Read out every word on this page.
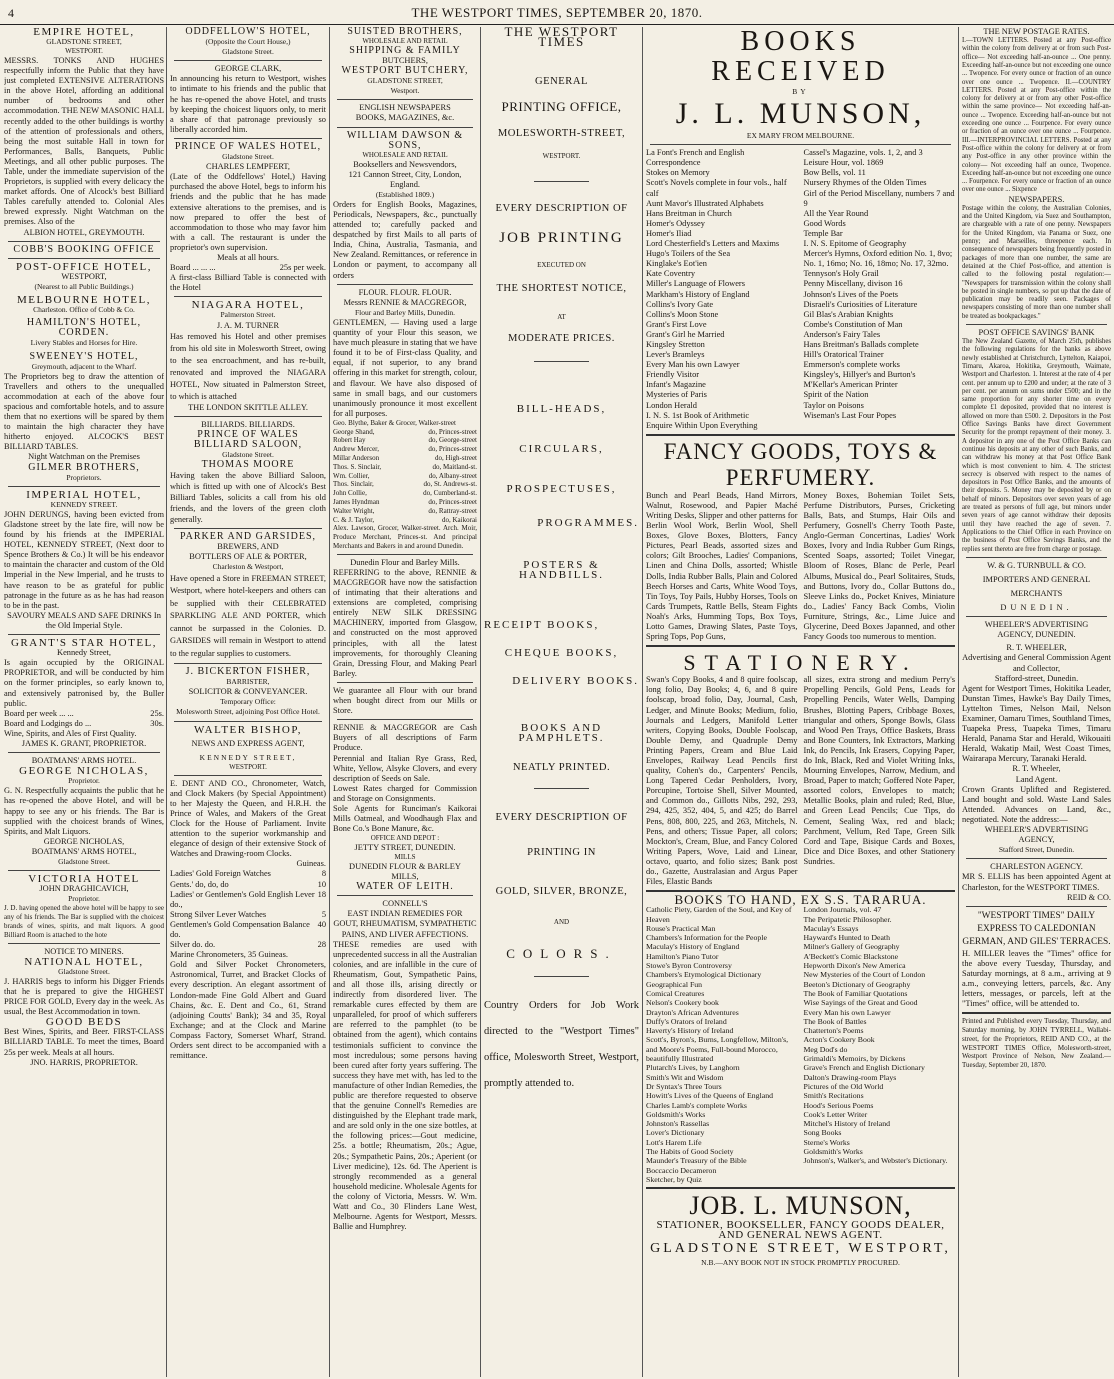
4	THE WESTPORT TIMES, SEPTEMBER 20, 1870.
EMPIRE HOTEL,
GLADSTONE STREET,
WESTPORT.
MESSRS. TONKS AND HUGHES respectfully inform the Public that they have just completed EXTENSIVE ALTERATIONS in the above Hotel, affording an additional number of bedrooms and other accommodation. THE NEW MASONIC HALL recently added to the other buildings is worthy of the attention of professionals and others, being the most suitable Hall in town for Performances, Balls, Banquets, Public Meetings, and all other public purposes. The Table, under the immediate supervision of the Proprietors, is supplied with every delicacy the market affords. One of Alcock's best Billiard Tables carefully attended to. Colonial Ales brewed expressly. Night Watchman on the premises. Also of the
ALBION HOTEL, GREYMOUTH.
COBB'S BOOKING OFFICE
POST-OFFICE HOTEL,
WESTPORT,
(Nearest to all Public Buildings.)
MELBOURNE HOTEL,
Charleston. Office of Cobb & Co.
HAMILTON'S HOTEL, CORDEN.
Livery Stables and Horses for Hire.
SWEENEY'S HOTEL,
Greymouth, adjacent to the Wharf.
The Proprietors beg to draw the attention of Travellers and others to the unequalled accommodation at each of the above four spacious and comfortable hotels, and to assure them that no exertions will be spared by them to maintain the high character they have hitherto enjoyed. ALCOCK'S BEST BILLIARD TABLES.
Night Watchman on the Premises
GILMER BROTHERS,
Proprietors.
IMPERIAL HOTEL,
KENNEDY STREET.
JOHN DERUNGS, having been evicted from Gladstone street by the late fire, will now be found by his friends at the IMPERIAL HOTEL, KENNEDY STREET, (Next door to Spence Brothers & Co.) It will be his endeavor to maintain the character and custom of the Old Imperial in the New Imperial, and he trusts to have reason to be as grateful for public patronage in the future as as he has had reason to be in the past.
SAVOURY MEALS AND SAFE DRINKS In the Old Imperial Style.
GRANT'S STAR HOTEL,
Kennedy Street,
Is again occupied by the ORIGINAL PROPRIETOR, and will be conducted by him on the former principles, so early known to, and extensively patronised by, the Buller public.
Board per week ... ...	25s.
Board and Lodgings do ...	30s.
Wine, Spirits, and Ales of First Quality.
JAMES K. GRANT, PROPRIETOR.
BOATMANS' ARMS HOTEL.
GEORGE NICHOLAS,
Proprietor.
G. N. Respectfully acquaints the public that he has re-opened the above Hotel, and will be happy to see any or his friends. The Bar is supplied with the choicest brands of Wines, Spirits, and Malt Liquors.
GEORGE NICHOLAS,
BOATMANS' ARMS HOTEL,
Gladstone Street.
VICTORIA HOTEL
JOHN DRAGHICAVICH,
Proprietor.
J. D. having opened the above hotel will be happy to see any of his friends. The Bar is supplied with the choicest brands of wines, spirits, and malt liquors. A good Billiard Room is attached to the hote
NOTICE TO MINERS.
NATIONAL HOTEL,
Gladstone Street.
J. HARRIS begs to inform his Digger Friends that he is prepared to give the HIGHEST PRICE FOR GOLD, Every day in the week. As usual, the Best Accommodation in town.
GOOD BEDS
Best Wines, Spirits, and Beer. FIRST-CLASS BILLIARD TABLE. To meet the times, Board 25s per week. Meals at all hours.
JNO. HARRIS, PROPRIETOR.
ODDFELLOW'S HOTEL,
(Opposite the Court House,)
Gladstone Street.
GEORGE CLARK,
In announcing his return to Westport, wishes to intimate to his friends and the public that he has re-opened the above Hotel, and trusts by keeping the choicest liquors only, to merit a share of that patronage previously so liberally accorded him.
PRINCE OF WALES HOTEL,
Gladstone Street.
CHARLES LEMPFERT,
(Late of the Oddfellows' Hotel,) Having purchased the above Hotel, begs to inform his friends and the public that he has made extensive alterations to the premises, and is now prepared to offer the best of accommodation to those who may favor him with a call. The restaurant is under the proprietor's own supervision.
Meals at all hours.
Board ... ... ...	25s per week.
A first-class Billiard Table is connected with the Hotel
NIAGARA HOTEL,
Palmerston Street.
J. A. M. TURNER
Has removed his Hotel and other premises from his old site in Molesworth Street, owing to the sea encroachment, and has re-built, renovated and improved the NIAGARA HOTEL, Now situated in Palmerston Street, to which is attached
THE LONDON SKITTLE ALLEY.
BILLIARDS. BILLIARDS.
PRINCE OF WALES BILLIARD SALOON,
Gladstone Street.
THOMAS MOORE
Having taken the above Billiard Saloon, which is fitted up with one of Alcock's Best Billiard Tables, solicits a call from his old friends, and the lovers of the green cloth generally.
PARKER AND GARSIDES,
BREWERS, AND
BOTTLERS OF ALE & PORTER,
Charleston & Westport,
Have opened a Store in FREEMAN STREET, Westport, where hotel-keepers and others can be supplied with their CELEBRATED SPARKLING ALE AND PORTER, which cannot be surpassed in the Colonies. D. GARSIDES will remain in Westport to attend to the regular supplies to customers.
J. BICKERTON FISHER,
BARRISTER,
SOLICITOR & CONVEYANCER.
Temporary Office:
Molesworth Street, adjoining Post Office Hotel.
WALTER BISHOP,
NEWS AND EXPRESS AGENT,
KENNEDY STREET,
WESTPORT.
E. DENT AND CO., Chronometer, Watch, and Clock Makers (by Special Appointment) to her Majesty the Queen, and H.R.H. the Prince of Wales, and Makers of the Great Clock for the House of Parliament. Invite attention to the superior workmanship and elegance of design of their extensive Stock of Watches and Drawing-room Clocks.
Guineas.
Ladies' Gold Foreign Watches	8
Gents.' do, do, do	10
Ladies' or Gentlemen's Gold English Lever do.,
18
Strong Silver Lever Watches	5
Gentlemen's Gold Compensation Balance do.
40
Silver do. do.	28
Marine Chronometers, 35 Guineas.
Gold and Silver Pocket Chronometers, Astronomical, Turret, and Bracket Clocks of every description. An elegant assortment of London-made Fine Gold Albert and Guard Chains, &c. E. Dent and Co., 61, Strand (adjoining Coutts' Bank); 34 and 35, Royal Exchange; and at the Clock and Marine Compass Factory, Somerset Wharf, Strand. Orders sent direct to be accompanied with a remittance.
SUISTED BROTHERS,
WHOLESALE AND RETAIL
SHIPPING & FAMILY
BUTCHERS,
WESTPORT BUTCHERY,
GLADSTONE STREET,
Westport.
ENGLISH NEWSPAPERS
BOOKS, MAGAZINES, &c.
WILLIAM DAWSON & SONS,
WHOLESALE AND RETAIL
Booksellers and Newsvendors,
121 Cannon Street, City, London, England.
(Established 1809.)
Orders for English Books, Magazines, Periodicals, Newspapers, &c., punctually attended to; carefully packed and despatched by first Mails to all parts of India, China, Australia, Tasmania, and New Zealand. Remittances, or reference in London or payment, to accompany all orders
FLOUR. FLOUR. FLOUR.
Messrs RENNIE & MACGREGOR,
Flour and Barley Mills, Dunedin.
GENTLEMEN, — Having used a large quantity of your Flour this season, we have much pleasure in stating that we have found it to be of First-class Quality, and equal, if not superior, to any brand offering in this market for strength, colour, and flavour. We have also disposed of same in small bags, and our customers unanimously pronounce it most excellent for all purposes.
Geo. Blythe, Baker & Grocer, Walker-street
George Shand,	do, Princes-street
Robert Hay	do, George-street
Andrew Mercer,	do, Princes-street
Millar Anderson	do, High-street
Thos. S. Sinclair,	do, Maitland-st.
Wm. Collier,	do, Albany-street
Thos. Sinclair,	do, St. Andrews-st.
John Collie,	do, Cumberland-st.
James Hyndman	do, Princes-street
Walter Wright,	do, Rattray-street
C. & J. Taylor,	do, Kaikorai
Alex. Lawson, Grocer, Walker-street. Arch. Moir, Produce Merchant, Princes-st. And principal Merchants and Bakers in and around Dunedin.
Dunedin Flour and Barley Mills.
REFERRING to the above, RENNIE & MACGREGOR have now the satisfaction of intimating that their alterations and extensions are completed, comprising entirely NEW SILK DRESSING MACHINERY, imported from Glasgow, and constructed on the most approved principles, with all the latest improvements, for thoroughly Cleaning Grain, Dressing Flour, and Making Pearl Barley.
We guarantee all Flour with our brand when bought direct from our Mills or Store.
RENNIE & MACGREGOR are Cash Buyers of all descriptions of Farm Produce.
Perennial and Italian Rye Grass, Red, White, Yellow, Alsyke Clovers, and every description of Seeds on Sale.
Lowest Rates charged for Commission and Storage on Consignments.
Sole Agents for Runciman's Kaikorai Mills Oatmeal, and Woodhaugh Flax and Bone Co.'s Bone Manure, &c.
OFFICE AND DEPOT :
JETTY STREET, DUNEDIN.
MILLS
DUNEDIN FLOUR & BARLEY
MILLS,
WATER OF LEITH.
CONNELL'S
EAST INDIAN REMEDIES FOR
GOUT, RHEUMATISM, SYMPATHETIC PAINS, AND LIVER AFFECTIONS.
THESE remedies are used with unprecedented success in all the Australian colonies, and are infallible in the cure of Rheumatism, Gout, Sympathetic Pains, and all those ills, arising directly or indirectly from disordered liver. The remarkable cures effected by them are unparalleled, for proof of which sufferers are referred to the pamphlet (to be obtained from the agent), which contains testimonials sufficient to convince the most incredulous; some persons having been cured after forty years suffering. The success they have met with, has led to the manufacture of other Indian Remedies, the public are therefore requested to observe that the genuine Connell's Remedies are distinguished by the Elephant trade mark, and are sold only in the one size bottles, at the following prices:—Gout medicine, 25s. a bottle; Rheumatism, 20s.; Ague, 20s.; Sympathetic Pains, 20s.; Aperient (or Liver medicine), 12s. 6d. The Aperient is strongly recommended as a general household medicine. Wholesale Agents for the colony of Victoria, Messrs. W. Wm. Watt and Co., 30 Flinders Lane West, Melbourne. Agents for Westport, Messrs. Ballie and Humphrey.
THE WESTPORT TIMES
GENERAL
PRINTING OFFICE,
MOLESWORTH-STREET,
WESTPORT.
EVERY DESCRIPTION OF
JOB PRINTING
EXECUTED ON
THE SHORTEST NOTICE,
AT
MODERATE PRICES.
BILL-HEADS,
CIRCULARS,
PROSPECTUSES,
PROGRAMMES.
POSTERS & HANDBILLS.
RECEIPT BOOKS,
CHEQUE BOOKS,
DELIVERY BOOKS.
BOOKS AND PAMPHLETS.
NEATLY PRINTED.
EVERY DESCRIPTION OF
PRINTING IN
GOLD, SILVER, BRONZE,
AND
COLORS.
Country Orders for Job Work directed to the "Westport Times" office, Molesworth Street, Westport, promptly attended to.
BOOKS RECEIVED
BY
J. L. MUNSON,
EX MARY FROM MELBOURNE.
La Font's French and English Correspondence
Stokes on Memory
Scott's Novels complete in four vols., half calf
Aunt Mavor's Illustrated Alphabets
Hans Breitman in Church
Homer's Odyssey
Homer's Iliad
Lord Chesterfield's Letters and Maxims
Hugo's Toilers of the Sea
Kinglake's Eot'ien
Kate Coventry
Miller's Language of Flowers
Markham's History of England
Collins's Ivory Gate
Collins's Moon Stone
Grant's First Love
Grant's Girl he Married
Kingsley Stretton
Lever's Bramleys
Every Man his own Lawyer
Friendly Visitor
Infant's Magazine
Mysteries of Paris
London Herald
I. N. S. 1st Book of Arithmetic
Enquire Within Upon Everything
Cassel's Magazine, vols. 1, 2, and 3
Leisure Hour, vol. 1869
Bow Bells, vol. 11
Nursery Rhymes of the Olden Times
Girl of the Period Miscellany, numbers 7 and 9
All the Year Round
Good Words
Temple Bar
I. N. S. Epitome of Geography
Mercer's Hymns, Oxford edition No. 1, 8vo; No. 1, 16mo; No. 16, 18mo; No. 17, 32mo.
Tennyson's Holy Grail
Penny Miscellany, divison 16
Johnson's Lives of the Poets
Disraeli's Curiosities of Literature
Gil Blas's Arabian Knights
Combe's Constitution of Man
Anderson's Fairy Tales
Hans Breitman's Ballads complete
Hill's Oratorical Trainer
Emmerson's complete works
Kingsley's, Hillyer's and Burton's
M'Kellar's American Printer
Spirit of the Nation
Taylor on Poisons
Wiseman's Last Four Popes
FANCY GOODS, TOYS & PERFUMERY.
Bunch and Pearl Beads, Hand Mirrors, Walnut, Rosewood, and Papier Maché Writing Desks, Slipper and other patterns for Berlin Wool Work, Berlin Wool, Shell Boxes, Glove Boxes, Blotters, Fancy Pictures, Pearl Beads, assorted sizes and colors; Gilt Brooches, Ladies' Companions, Linen and China Dolls, assorted; Whistle Dolls, India Rubber Balls, Plain and Colored Beech Horses and Carts, White Wood Toys, Tin Toys, Toy Pails, Hubby Horses, Tools on Cards Trumpets, Rattle Bells, Steam Fights Noah's Arks, Humming Tops, Box Toys, Lotto Games, Drawing Slates, Paste Toys, Spring Tops, Pop Guns,
Money Boxes, Bohemian Toilet Sets, Perfume Distributors, Purses, Cricketing Balls, Bats, and Stumps, Hair Oils and Perfumery, Gosnell's Cherry Tooth Paste, Anglo-German Concertinas, Ladies' Work Boxes, Ivory and India Rubber Gum Rings, Scented Soaps, assorted; Toilet Vinegar, Bloom of Roses, Blanc de Perle, Pearl Albums, Musical do., Pearl Solitaires, Studs, and Buttons, Ivory do., Collar Buttons do., Sleeve Links do., Pocket Knives, Miniature do., Ladies' Fancy Back Combs, Violin Furniture, Strings, &c., Lime Juice and Glycerine, Deed Boxes Japanned, and other Fancy Goods too numerous to mention.
STATIONERY.
Swan's Copy Books, 4 and 8 quire foolscap, long folio, Day Books; 4, 6, and 8 quire foolscap, broad folio, Day, Journal, Cash, Ledger, and Minute Books; Medium, folio, Journals and Ledgers, Manifold Letter writers, Copying Books, Double Foolscap, Double Demy, and Quadruple Demy Printing Papers, Cream and Blue Laid Envelopes, Railway Lead Pencils first quality, Cohen's do., Carpenters' Pencils, Long Tapered Cedar Penholders, Ivory, Porcupine, Tortoise Shell, Silver Mounted, and Common do., Gillotts Nibs, 292, 293, 294, 425, 352, 404, 5, and 425; do Barrel Pens, 808, 800, 225, and 263, Mitchels, N. Pens, and others; Tissue Paper, all colors; Mockton's, Cream, Blue, and Fancy Colored Writing Papers, Wove, Laid and Linear, octavo, quarto, and folio sizes; Bank post do., Gazette, Australasian and Argus Paper Files, Elastic Bands
all sizes, extra strong and medium Perry's Propelling Pencils, Gold Pens, Leads for Propelling Pencils, Water Wells, Damping Brushes, Blotting Papers, Cribbage Boxes, triangular and others, Sponge Bowls, Glass and Wood Pen Trays, Office Baskets, Brass and Bone Counters, Ink Extractors, Marking Ink, do Pencils, Ink Erasers, Copying Paper, do Ink, Black, Red and Violet Writing Inks, Mourning Envelopes, Narrow, Medium, and Broad, Paper to match; Goffered Note Paper, assorted colors, Envelopes to match; Metallic Books, plain and ruled; Red, Blue, and Green Lead Pencils; Cue Tips, do Cement, Sealing Wax, red and black; Parchment, Vellum, Red Tape, Green Silk Cord and Tape, Bisique Cards and Boxes, Dice and Dice Boxes, and other Stationery Sundries.
BOOKS TO HAND, EX S.S. TARARUA.
Catholic Piety, Garden of the Soul, and Key of Heaven
Rouse's Practical Man
Chambers's Information for the People
Maculay's History of England
Hamilton's Piano Tutor
Stowe's Byron Controversy
Chambers's Etymological Dictionary
Geographical Fun
Comical Creatures
Nelson's Cookery book
Drayton's African Adventures
Duffy's Orators of Ireland
Haverty's History of Ireland
Scott's, Byron's, Burns, Longfellow, Milton's, and Moore's Poems, Full-bound Morocco, beautifully Illustrated
Plutarch's Lives, by Langhorn
Smith's Wit and Wisdom
Dr Syntax's Three Tours
Howitt's Lives of the Queens of England
Charles Lamb's complete Works
Goldsmith's Works
Johnston's Rassellas
Lover's Dictionary
Lott's Harem Life
The Habits of Good Society
Maunder's Treasury of the Bible
Boccaccio Decameron
Sketcher, by Quiz
London Journals, vol. 47
The Peripatetic Philosopher.
Maculay's Essays
Hayward's Hunted to Death
Milner's Gallery of Geography
A'Beckett's Comic Blackstone
Hepworth Dixon's New America
New Mysteries of the Court of London
Beeton's Dictionary of Geography
The Book of Familiar Quotations
Wise Sayings of the Great and Good
Every Man his own Lawyer
The Book of Battles
Chatterton's Poems
Acton's Cookery Book
Meg Dod's do
Grimaldi's Memoirs, by Dickens
Grave's French and English Dictionary
Dalton's Drawing-room Plays
Pictures of the Old World
Smith's Recitations
Hood's Serious Poems
Cook's Letter Writer
Mitchel's History of Ireland
Song Books
Sterne's Works
Goldsmith's Works
Johnson's, Walker's, and Webster's Dictionary.
JOB. L. MUNSON,
STATIONER, BOOKSELLER, FANCY GOODS DEALER,
AND GENERAL NEWS AGENT.
GLADSTONE STREET, WESTPORT,
N.B.—ANY BOOK NOT IN STOCK PROMPTLY PROCURED.
THE NEW POSTAGE RATES.
I.—TOWN LETTERS. Posted at any Post-office within the colony from delivery at or from such Post-office— Not exceeding half-an-ounce ... One penny. Exceeding half-an-ounce but not exceeding one ounce ... Twopence. For every ounce or fraction of an ounce over one ounce ... Twopence. II.—COUNTRY LETTERS. Posted at any Post-office within the colony for delivery at or from any other Post-office within the same province— Not exceeding half-an-ounce ... Twopence. Exceeding half-an-ounce but not exceeding one ounce ... Fourpence. For every ounce or fraction of an ounce over one ounce ... Fourpence. III.—INTERPROVINCIAL LETTERS. Posted at any Post-office within the colony for delivery at or from any Post-office in any other province within the colony— Not exceeding half an ounce, Twopence. Exceeding half-an-ounce but not exceeding one ounce ... Fourpence. For every ounce or fraction of an ounce over one ounce ... Sixpence
NEWSPAPERS.
Postage within the colony, the Australian Colonies, and the United Kingdom, via Suez and Southampton, are chargeable with a rate of one penny. Newspapers for the United Kingdom, via Panama or Suez, one penny; and Marseilles, threepence each. In consequence of newspapers being frequently posted in packages of more than one number, the same are detained at the Chief Post-office, and attention is called to the following postal regulation:— "Newspapers for transmission within the colony shall be posted in single numbers, so put up that the date of publication may be readily seen. Packages of newspapers consisting of more than one number shall be treated as bookpackages."
POST OFFICE SAVINGS' BANK
The New Zealand Gazette, of March 25th, publishes the following regulations for the banks as above newly established at Christchurch, Lyttelton, Kaiapoi, Timaru, Akaroa, Hokitika, Greymouth, Waimate, Westport and Charleston. 1. Interest at the rate of 4 per cent. per annum up to £200 and under; at the rate of 3 per cent. per annum on sums under £500; and in the same proportion for any shorter time on every complete £1 deposited, provided that no interest is allowed on more than £500. 2. Depositors in the Post Office Savings Banks have direct Government Security for the prompt repayment of their money. 3. A depositor in any one of the Post Office Banks can continue his deposits at any other of such Banks, and can withdraw his money at that Post Office Bank which is most convenient to him. 4. The strictest secrecy is observed with respect to the names of depositors in Post Office Banks, and the amounts of their deposits. 5. Money may be deposited by or on behalf of minors. Depositors over seven years of age are treated as persons of full age, but minors under seven years of age cannot withdraw their deposits until they have reached the age of seven. 7. Applications to the Chief Office in each Province on the business of Post Office Savings Banks, and the replies sent thereto are free from charge or postage.
W. & G. TURNBULL & CO.
IMPORTERS AND GENERAL
MERCHANTS
DUNEDIN.
WHEELER'S ADVERTISING
AGENCY, DUNEDIN.
R. T. WHEELER,
Advertising and General Commission Agent and Collector,
Stafford-street, Dunedin.
Agent for Westport Times, Hokitika Leader, Dunstan Times, Hawke's Bay Daily Times, Lyttelton Times, Nelson Mail, Nelson Examiner, Oamaru Times, Southland Times, Tuapeka Press, Tuapeka Times, Timaru Herald, Panama Star and Herald, Wikouaiti Herald, Wakatip Mail, West Coast Times, Wairarapa Mercury, Taranaki Herald.
R. T. Wheeler,
Land Agent.
Crown Grants Uplifted and Registered. Land bought and sold. Waste Land Sales Attended. Advances on Land, &c., negotiated. Note the address:—
WHEELER'S ADVERTISING
AGENCY,
Stafford Street, Dunedin.
CHARLESTON AGENCY.
MR S. ELLIS has been appointed Agent at Charleston, for the WESTPORT TIMES.
REID & CO.
"WESTPORT TIMES" DAILY EXPRESS TO CALEDONIAN GERMAN, AND GILES' TERRACES.
H. MILLER leaves the "Times" office for the above every Tuesday, Thursday, and Saturday mornings, at 8 a.m., arriving at 9 a.m., conveying letters, parcels, &c. Any letters, messages, or parcels, left at the "Times" office, will be attended to.
Printed and Published every Tuesday, Thursday, and Saturday morning, by JOHN TYRRELL, Wallabi-street, for the Proprietors, REID AND CO., at the WESTPORT TIMES Office, Molesworth-street, Westport Province of Nelson, New Zealand.—Tuesday, September 20, 1870.
